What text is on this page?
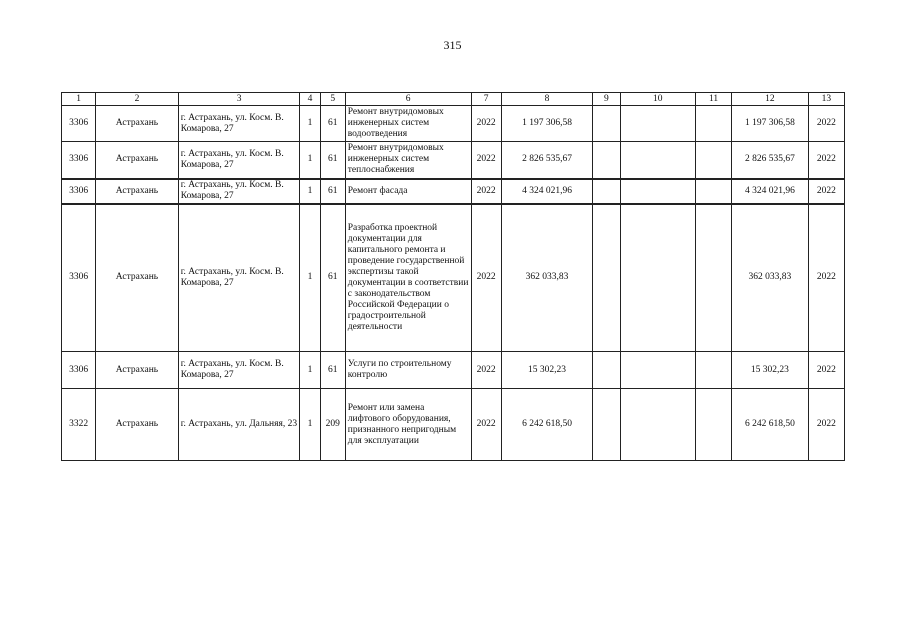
315
1	2	3	4	5	6	7	8	9	10	11	12	13
3306	Астрахань	г. Астрахань, ул. Косм. В. Комарова, 27	1	61	Ремонт внутридомовых инженерных систем водоотведения	2022	1 197 306,58				1 197 306,58	2022
3306	Астрахань	г. Астрахань, ул. Косм. В. Комарова, 27	1	61	Ремонт внутридомовых инженерных систем теплоснабжения	2022	2 826 535,67				2 826 535,67	2022
3306	Астрахань	г. Астрахань, ул. Косм. В. Комарова, 27	1	61	Ремонт фасада	2022	4 324 021,96				4 324 021,96	2022
3306	Астрахань	г. Астрахань, ул. Косм. В. Комарова, 27	1	61	Разработка проектной документации для капитального ремонта и проведение государственной экспертизы такой документации в соответствии с законодательством Российской Федерации о градостроительной деятельности	2022	362 033,83				362 033,83	2022
3306	Астрахань	г. Астрахань, ул. Косм. В. Комарова, 27	1	61	Услуги по строительному контролю	2022	15 302,23				15 302,23	2022
3322	Астрахань	г. Астрахань, ул. Дальняя, 23	1	209	Ремонт или замена лифтового оборудования, признанного непригодным для эксплуатации	2022	6 242 618,50				6 242 618,50	2022
